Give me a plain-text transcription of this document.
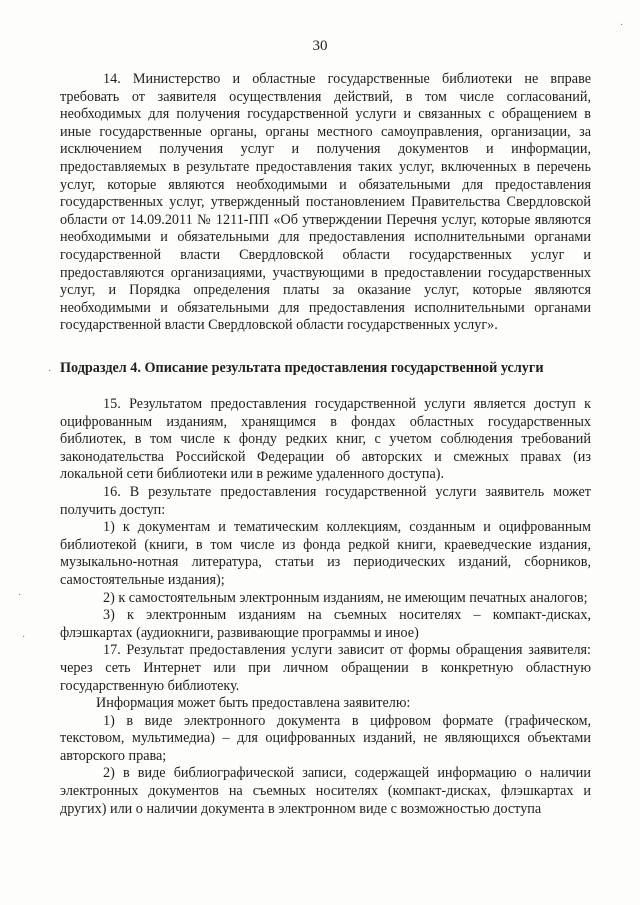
30

14. Министерство и областные государственные библиотеки не вправе требовать от заявителя осуществления действий, в том числе согласований, необходимых для получения государственной услуги и связанных с обращением в иные государственные органы, органы местного самоуправления, организации, за исключением получения услуг и получения документов и информации, предоставляемых в результате предоставления таких услуг, включенных в перечень услуг, которые являются необходимыми и обязательными для предоставления государственных услуг, утвержденный постановлением Правительства Свердловской области от 14.09.2011 № 1211-ПП «Об утверждении Перечня услуг, которые являются необходимыми и обязательными для предоставления исполнительными органами государственной власти Свердловской области государственных услуг и предоставляются организациями, участвующими в предоставлении государственных услуг, и Порядка определения платы за оказание услуг, которые являются необходимыми и обязательными для предоставления исполнительными органами государственной власти Свердловской области государственных услуг».

Подраздел 4. Описание результата предоставления государственной услуги

15. Результатом предоставления государственной услуги является доступ к оцифрованным изданиям, хранящимся в фондах областных государственных библиотек, в том числе к фонду редких книг, с учетом соблюдения требований законодательства Российской Федерации об авторских и смежных правах (из локальной сети библиотеки или в режиме удаленного доступа).

16. В результате предоставления государственной услуги заявитель может получить доступ:

1) к документам и тематическим коллекциям, созданным и оцифрованным библиотекой (книги, в том числе из фонда редкой книги, краеведческие издания, музыкально-нотная литература, статьи из периодических изданий, сборников, самостоятельные издания);

2) к самостоятельным электронным изданиям, не имеющим печатных аналогов;

3) к электронным изданиям на съемных носителях – компакт-дисках, флэшкартах (аудиокниги, развивающие программы и иное)

17. Результат предоставления услуги зависит от формы обращения заявителя: через сеть Интернет или при личном обращении в конкретную областную государственную библиотеку.

Информация может быть предоставлена заявителю:

1) в виде электронного документа в цифровом формате (графическом, текстовом, мультимедиа) – для оцифрованных изданий, не являющихся объектами авторского права;

2) в виде библиографической записи, содержащей информацию о наличии электронных документов на съемных носителях (компакт-дисках, флэшкартах и других) или о наличии документа в электронном виде с возможностью доступа

·
·
·
·
